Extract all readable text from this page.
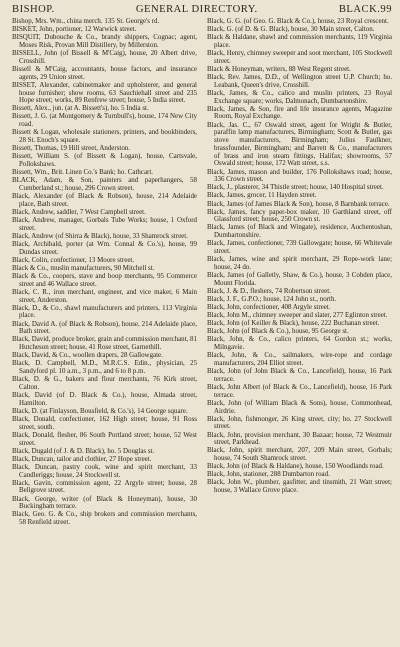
BISHOP.	GENERAL DIRECTORY.	BLACK. 99

Bishop, Mrs. Wm., china merch. 135 St. George's rd.

BISKET, John, portioner, 12 Warwick street.

BISQUIT, Dubouche & Co., brandy shippers, Cognac; agent, Moses Risk, Provan Mill Distillery, by Millerston.

BISSELL, John (of Bissell & M'Caig), house, 20 Albert drive, Crosshill.

Bissell & M'Caig, accountants, house factors, and insurance agents, 29 Union street.

BISSET, Alexander, cabinetmaker and upholsterer, and general house furnisher; show rooms, 63 Sauchiehall street and 235 Hope street; works, 89 Renfrew street; house, 5 India street.

Bissett, Alex., jun. (at A. Bissett's), ho. 5 India st.

Bissett, J. G. (at Montgomery & Turnbull's), house, 174 New City road.

Bissett & Logan, wholesale stationers, printers, and bookbinders, 28 St. Enoch's square.

Bissett, Thomas, 19 Hill street, Anderston.

Bissett, William S. (of Bissett & Logan), house, Cartsvale, Pollokshaws.

Bissett, Wm., Brit. Linen Co.'s Bank; ho. Cathcart.

BLACK, Adam, & Son, painters and paperhangers, 58 Cumberland st.; house, 296 Crown street.

Black, Alexander (of Black & Robson), house, 214 Adelaide place, Bath street.

Black, Andrew, saddler, 7 West Campbell street.

Black, Andrew, manager, Gorbals Tube Works; house, 1 Oxford street.

Black, Andrew (of Shirra & Black), house, 33 Shamrock street.

Black, Archibald, porter (at Wm. Connal & Co.'s), house, 99 Dundas street.

Black, Colin, confectioner, 13 Moore street.

Black & Co., muslin manufacturers, 90 Mitchell st.

Black & Co., coopers, stave and hoop merchants, 95 Commerce street and 46 Wallace street.

Black, C. R., iron merchant, engineer, and vice maker, 6 Main street, Anderston.

Black, D., & Co., shawl manufacturers and printers, 113 Virginia place.

Black, David A. (of Black & Robson), house, 214 Adelaide place, Bath street.

Black, David, produce broker, grain and commission merchant, 81 Hutcheson street; house, 41 Rose street, Garnethill.

Black, David, & Co., woollen drapers, 28 Gallowgate.

Black, D. Campbell, M.D., M.R.C.S. Edin., physician, 25 Sandyford pl. 10 a.m., 3 p.m., and 6 to 8 p.m.

Black, D. & G., bakers and flour merchants, 76 Kirk street, Calton.

Black, David (of D. Black & Co.), house, Almada street, Hamilton.

Black, D. (at Finlayson, Bousfield, & Co.'s), 14 George square.

Black, Donald, confectioner, 162 High street; house, 91 Ross street, south.

Black, Donald, flesher, 86 South Portland street; house, 52 West street.

Black, Dugald (of J. & D. Black), ho. 5 Douglas st.

Black, Duncan, tailor and clothier, 27 Hope street.

Black, Duncan, pastry cook, wine and spirit merchant, 33 Candleriggs; house, 24 Stockwell st.

Black, Gavin, commission agent, 22 Argyle street; house, 28 Bellgrove street.

Black, George, writer (of Black & Honeyman), house, 30 Buckingham terrace.

Black, Geo. G. & Co., ship brokers and commission merchants, 58 Renfield street.

Black, G. G. (of Geo. G. Black & Co.), house, 23 Royal crescent.

Black, G. (of D. & G. Black), house, 30 Main street, Calton.

Black & Haldane, shawl and commission merchants, 119 Virginia place.

Black, Henry, chimney sweeper and soot merchant, 105 Stockwell street.

Black & Honeyman, writers, 88 West Regent street.

Black, Rev. James, D.D., of Wellington street U.P. Church; ho. Leabank, Queen's drive, Crosshill.

Black, James, & Co., calico and muslin printers, 23 Royal Exchange square; works, Dalmonach, Dumbartonshire.

Black, James, & Son, fire and life insurance agents, Magazine Room, Royal Exchange.

Black, Jas. C., 67 Oswald street, agent for Wright & Butler, paraffin lamp manufacturers, Birmingham; Scott & Butler, gas stove manufacturers, Birmingham; Julius Faulkner, brassfounder, Birmingham; and Barrett & Co., manufacturers of brass and iron steam fittings, Halifax; showrooms, 57 Oswald street; house, 172 Watt street, s.s.

Black, James, mason and builder, 176 Pollokshaws road; house, 336 Crown street.

Black, J., plasterer, 34 Thistle street; house, 140 Hospital street.

Black, James, grocer, 11 Hayden street.

Black, James (of James Black & Son), house, 8 Barnbank terrace.

Black, James, fancy paper-box maker, 10 Garthland street, off Glassford street; house, 250 Crown st.

Black, James (of Black and Wingate), residence, Auchentoshan, Dumbartonshire.

Black, James, confectioner, 739 Gallowgate; house, 66 Whitevale street.

Black, James, wine and spirit merchant, 29 Rope-work lane; house, 24 do.

Black, James (of Galletly, Shaw, & Co.), house, 3 Cobden place, Mount Florida.

Black, J. & D., fleshers, 74 Robertson street.

Black, J. F., G.P.O.; house, 124 John st., north.

Black, John, confectioner, 408 Argyle street.

Black, John M., chimney sweeper and slater, 277 Eglinton street.

Black, John (of Keiller & Black), house, 222 Buchanan street.

Black, John (of Black & Co.), house, 95 George st.

Black, John, & Co., calico printers, 64 Gordon st.; works, Milngavie.

Black, John, & Co., sailmakers, wire-rope and cordage manufacturers, 204 Elliot street.

Black, John (of John Black & Co., Lancefield), house, 16 Park terrace.

Black, John Albert (of Black & Co., Lancefield), house, 16 Park terrace.

Black, John (of William Black & Sons), house, Commonhead, Airdrie.

Black, John, fishmonger, 26 King street, city; ho. 27 Stockwell street.

Black, John, provision merchant, 30 Bazaar; house, 72 Westmuir street, Parkhead.

Black, John, spirit merchant, 207, 209 Main street, Gorbals; house, 74 South Shamrock street.

Black, John (of Black & Haldane), house, 150 Woodlands road.

Black, John, stationer, 288 Dumbarton road.

Black, John W., plumber, gasfitter, and tinsmith, 21 Watt street; house, 3 Wallace Grove place.
